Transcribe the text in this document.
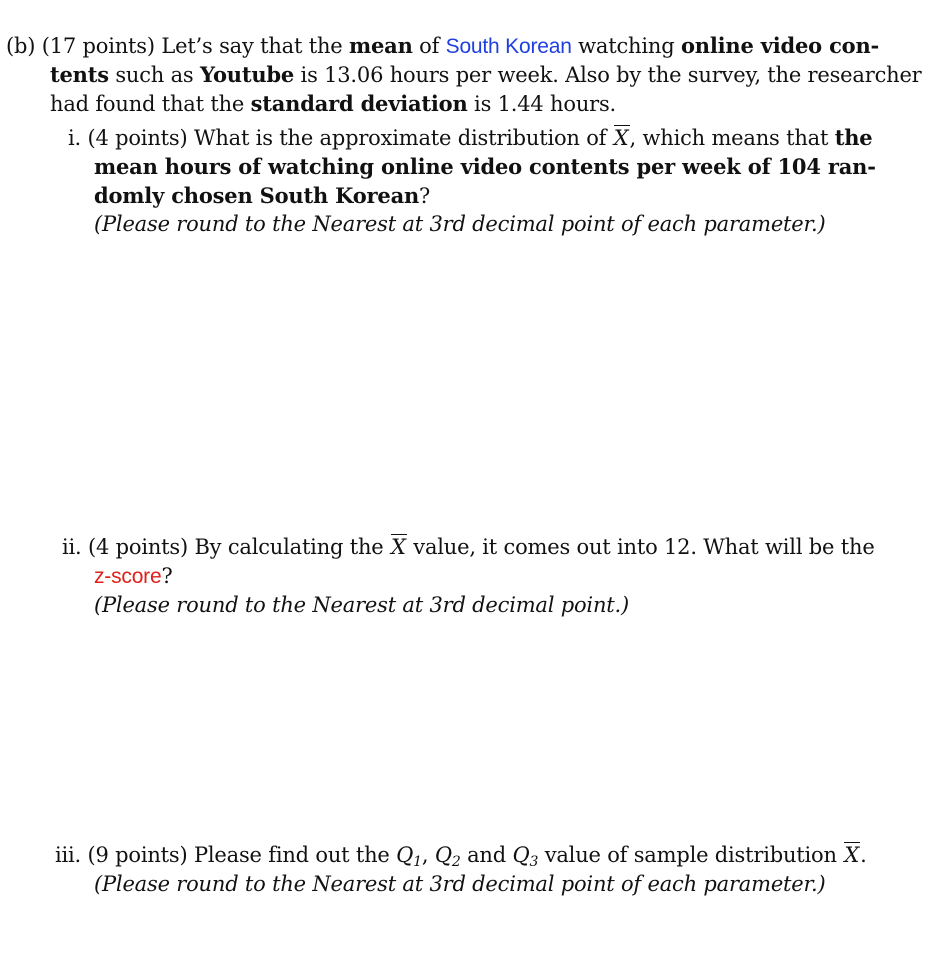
(b) (17 points) Let’s say that the mean of South Korean watching online video con-
tents such as Youtube is 13.06 hours per week. Also by the survey, the researcher
had found that the standard deviation is 1.44 hours.
i. (4 points) What is the approximate distribution of X, which means that the
mean hours of watching online video contents per week of 104 ran-
domly chosen South Korean?
(Please round to the Nearest at 3rd decimal point of each parameter.)
ii. (4 points) By calculating the X value, it comes out into 12. What will be the
z-score?
(Please round to the Nearest at 3rd decimal point.)
iii. (9 points) Please find out the $Q_1$, $Q_2$ and $Q_3$ value of sample distribution X.
(Please round to the Nearest at 3rd decimal point of each parameter.)
